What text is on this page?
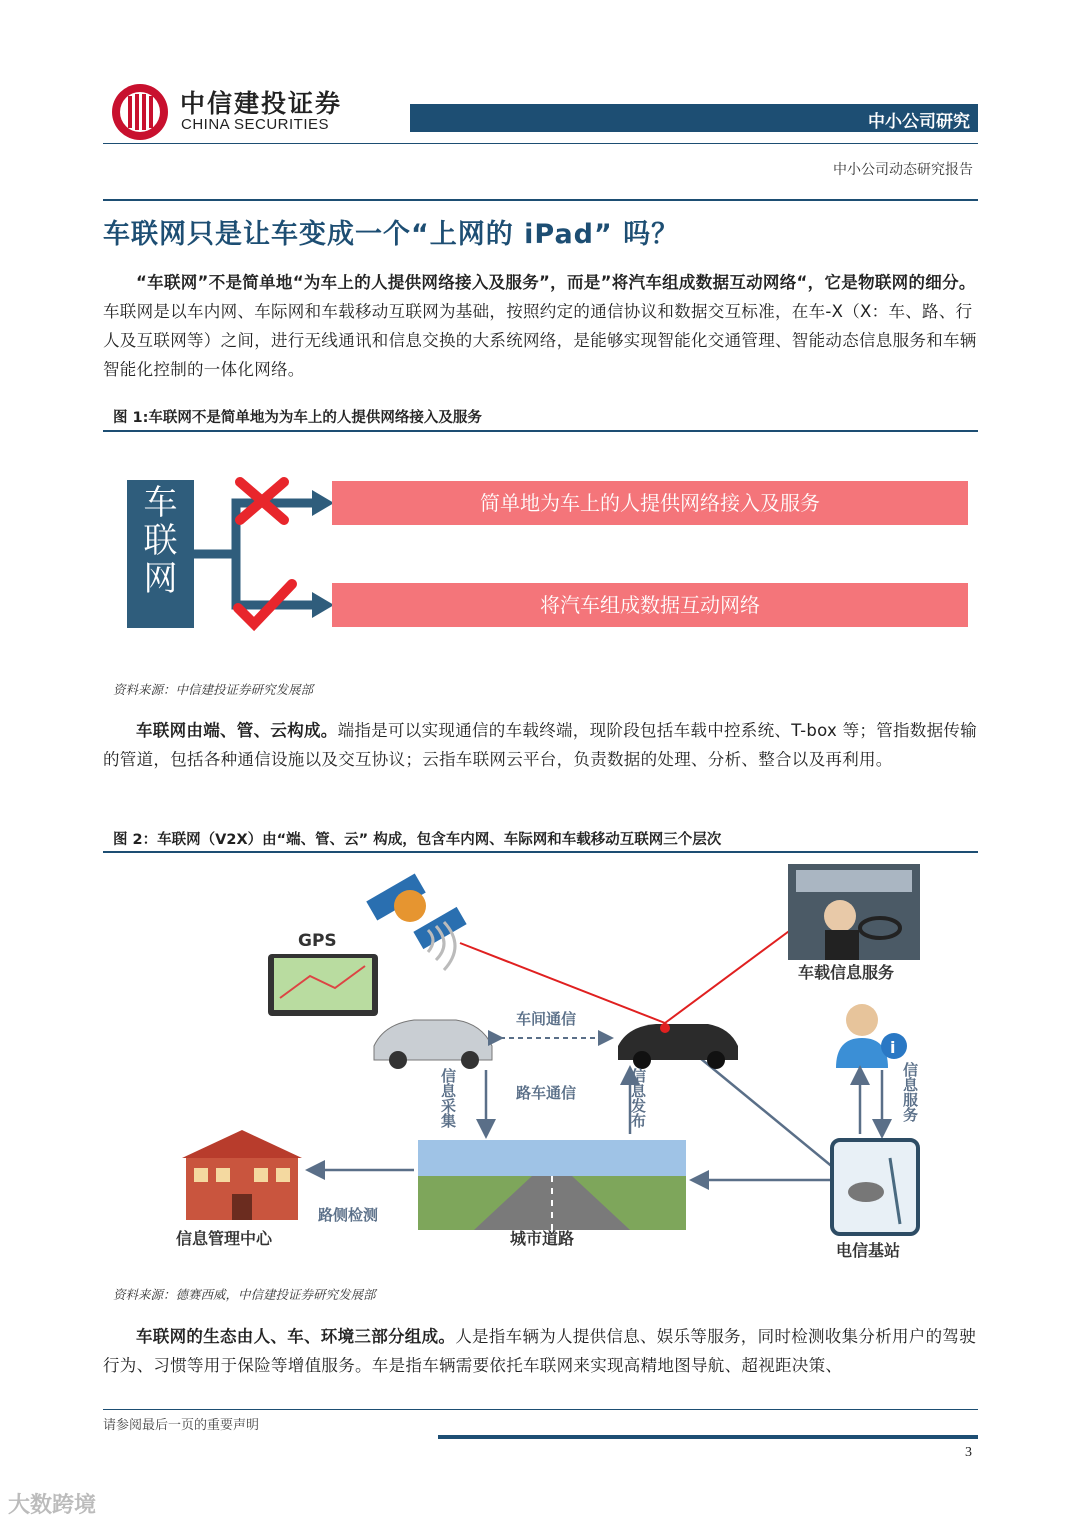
中信建投证券
CHINA SECURITIES	中小公司研究
中小公司动态研究报告
车联网只是让车变成一个“上网的 iPad” 吗？
“车联网”不是简单地“为车上的人提供网络接入及服务”，而是”将汽车组成数据互动网络“，它是物联网的细分。车联网是以车内网、车际网和车载移动互联网为基础，按照约定的通信协议和数据交互标准，在车-X（X：车、路、行人及互联网等）之间，进行无线通讯和信息交换的大系统网络，是能够实现智能化交通管理、智能动态信息服务和车辆智能化控制的一体化网络。
图 1:车联网不是简单地为为车上的人提供网络接入及服务
车联网
简单地为车上的人提供网络接入及服务
将汽车组成数据互动网络
资料来源：中信建投证券研究发展部
车联网由端、管、云构成。端指是可以实现通信的车载终端，现阶段包括车载中控系统、T-box 等；管指数据传输的管道，包括各种通信设施以及交互协议；云指车联网云平台，负责数据的处理、分析、整合以及再利用。
图 2：车联网（V2X）由“端、管、云” 构成，包含车内网、车际网和车载移动互联网三个层次
GPS
车载信息服务
车间通信
信息采集	路车通信	信息发布
i
信息服务
信息管理中心
路侧检测
城市道路
电信基站
资料来源：德赛西威，中信建投证券研究发展部
车联网的生态由人、车、环境三部分组成。人是指车辆为人提供信息、娱乐等服务，同时检测收集分析用户的驾驶行为、习惯等用于保险等增值服务。车是指车辆需要依托车联网来实现高精地图导航、超视距决策、
请参阅最后一页的重要声明
3
大数跨境
